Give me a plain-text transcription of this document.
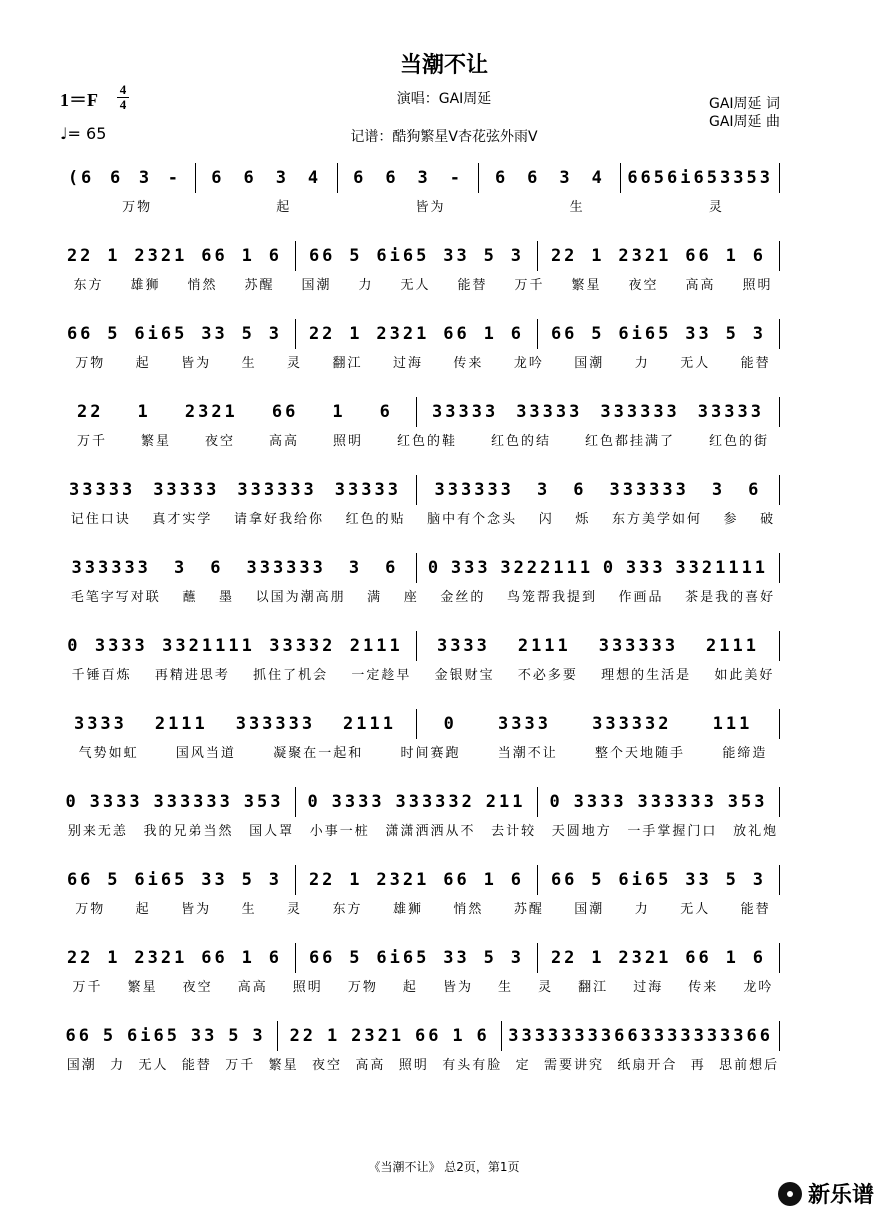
当潮不让
1＝F
4
4
♩= 65
演唱：GAI周延
记谱：酷狗繁星V杏花弦外雨V
GAI周延 词
GAI周延 曲
(6 6 3 - 6 6 3 4 6 6 3 - 6 6 3 4 66 5 6i65 33 5 3
万物	起	皆为	生	灵
22 1 2321 66 1 6 66 5 6i65 33 5 3 22 1 2321 66 1 6
东方 雄狮 悄然 苏醒 国潮 力 无人 能替 万千 繁星 夜空 高高 照明
66 5 6i65 33 5 3 22 1 2321 66 1 6 66 5 6i65 33 5 3
万物 起 皆为 生 灵 翻江 过海 传来 龙吟 国潮 力 无人 能替
22 1 2321 66 1 6 33333 33333 333333 33333
万千	繁星	夜空	高高	照明	红色的鞋	红色的结	红色都挂满了	红色的街
33333 33333 333333 33333 333333 3 6 333333 3 6
记住口诀 真才实学 请拿好我给你 红色的贴 脑中有个念头 闪 烁 东方美学如何 参 破
333333 3 6 333333 3 6 0 333 3222111 0 333 3321111
毛笔字写对联 蘸 墨 以国为潮高朋 满 座 金丝的 鸟笼帮我提到 作画品 茶是我的喜好
0 3333 3321111 33332 2111 3333 2111 333333 2111
千锤百炼 再精进思考 抓住了机会 一定趁早 金银财宝 不必多要 理想的生活是 如此美好
3333 2111 333333 2111	0 3333 333332 111
气势如虹	国风当道	凝聚在一起和	时间赛跑	当潮不让	整个天地随手	能缔造
0 3333 333333 353 0 3333 333332 211 0 3333 333333 353
别来无恙 我的兄弟当然 国人罩 小事一桩 潇潇洒洒从不 去计较 天圆地方 一手掌握门口 放礼炮
66 5 6i65 33 5 3 22 1 2321 66 1 6 66 5 6i65 33 5 3
万物 起 皆为 生 灵 东方 雄狮 悄然 苏醒 国潮 力 无人 能替
22 1 2321 66 1 6 66 5 6i65 33 5 3 22 1 2321 66 1 6
万千 繁星 夜空 高高 照明 万物 起 皆为 生 灵 翻江 过海 传来 龙吟
66 5 6i65 33 5 3 22 1 2321 66 1 6 3333 3 33366 3333 3 33366
国潮 力 无人 能替 万千 繁星 夜空 高高 照明 有头有脸 定 需要讲究 纸扇开合 再 思前想后
《当潮不让》 总2页，第1页
新乐谱
